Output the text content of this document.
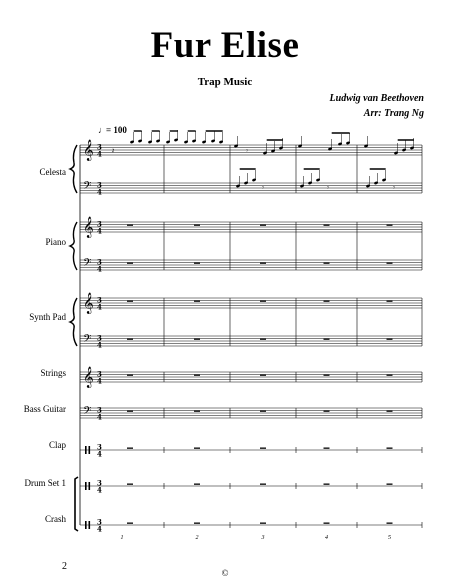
Fur Elise
Trap Music
Ludwig van Beethoven
Arr: Trang Ng
♩ = 100
𝄞 3
4
𝄢 3
4
𝄞 3
4
𝄢 3
4
𝄞 3
4
𝄢 3
4
𝄞 3
4
𝄢 3
4
3
4
3
4
3
4
Celesta
Piano
Synth Pad
Strings
Bass Guitar
Clap
Drum Set 1
Crash
1	2	3	4	5
𝄽	𝄾
𝄾	𝄾	𝄾
2
©
